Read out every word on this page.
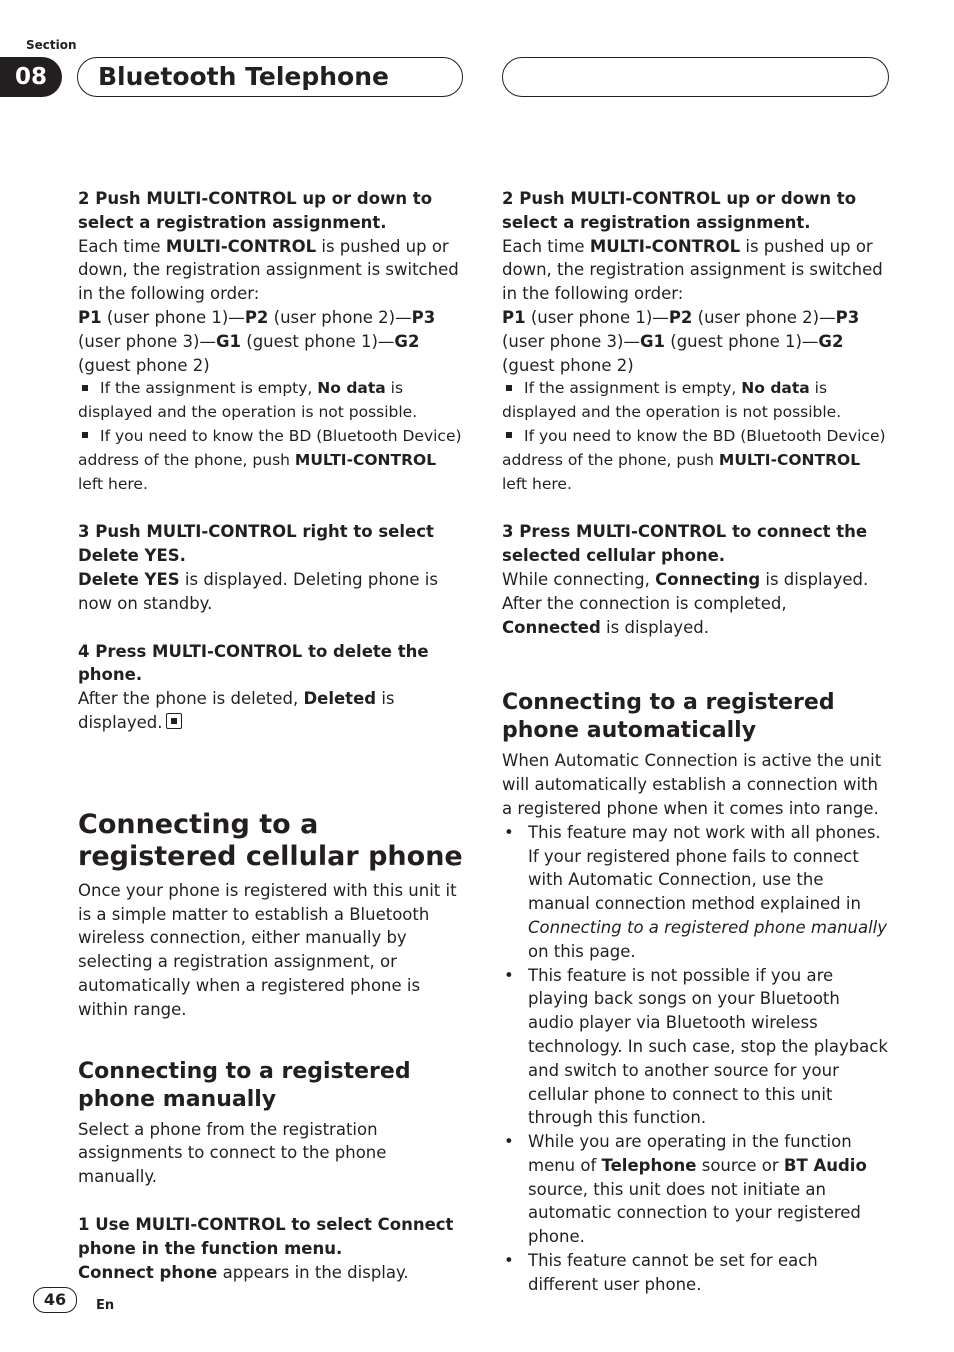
Section
08	Bluetooth Telephone

2 Push MULTI-CONTROL up or down to select a registration assignment.

Each time MULTI-CONTROL is pushed up or down, the registration assignment is switched in the following order:

P1 (user phone 1)—P2 (user phone 2)—P3 (user phone 3)—G1 (guest phone 1)—G2 (guest phone 2)

If the assignment is empty, No data is displayed and the operation is not possible.

If you need to know the BD (Bluetooth Device) address of the phone, push MULTI-CONTROL left here.

3 Push MULTI-CONTROL right to select Delete YES.

Delete YES is displayed. Deleting phone is now on standby.

4 Press MULTI-CONTROL to delete the phone.

After the phone is deleted, Deleted is displayed.

Connecting to a registered cellular phone

Once your phone is registered with this unit it is a simple matter to establish a Bluetooth wireless connection, either manually by selecting a registration assignment, or automatically when a registered phone is within range.

Connecting to a registered phone manually

Select a phone from the registration assignments to connect to the phone manually.

1 Use MULTI-CONTROL to select Connect phone in the function menu.

Connect phone appears in the display.

2 Push MULTI-CONTROL up or down to select a registration assignment.

Each time MULTI-CONTROL is pushed up or down, the registration assignment is switched in the following order:

P1 (user phone 1)—P2 (user phone 2)—P3 (user phone 3)—G1 (guest phone 1)—G2 (guest phone 2)

If the assignment is empty, No data is displayed and the operation is not possible.

If you need to know the BD (Bluetooth Device) address of the phone, push MULTI-CONTROL left here.

3 Press MULTI-CONTROL to connect the selected cellular phone.

While connecting, Connecting is displayed. After the connection is completed, Connected is displayed.

Connecting to a registered phone automatically

When Automatic Connection is active the unit will automatically establish a connection with a registered phone when it comes into range.

• This feature may not work with all phones. If your registered phone fails to connect with Automatic Connection, use the manual connection method explained in Connecting to a registered phone manually on this page.
• This feature is not possible if you are playing back songs on your Bluetooth audio player via Bluetooth wireless technology. In such case, stop the playback and switch to another source for your cellular phone to connect to this unit through this function.
• While you are operating in the function menu of Telephone source or BT Audio source, this unit does not initiate an automatic connection to your registered phone.
• This feature cannot be set for each different user phone.
46	En
